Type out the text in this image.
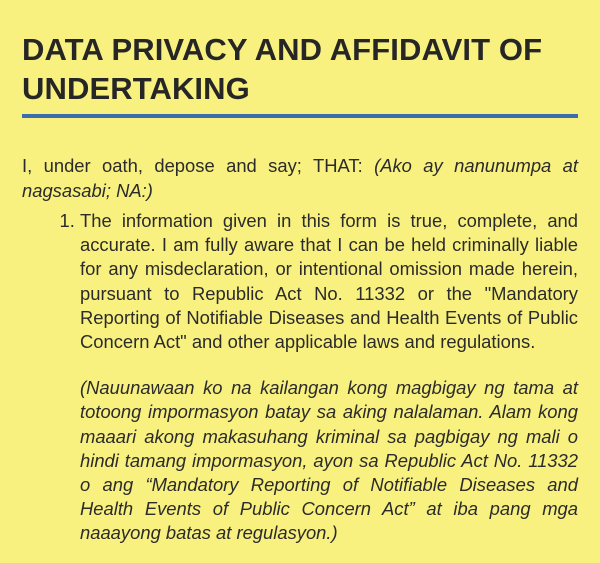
DATA PRIVACY AND AFFIDAVIT OF UNDERTAKING

I, under oath, depose and say; THAT: (Ako ay nanunumpa at nagsasabi; NA:)

1. The information given in this form is true, complete, and accurate. I am fully aware that I can be held criminally liable for any misdeclaration, or intentional omission made herein, pursuant to Republic Act No. 11332 or the "Mandatory Reporting of Notifiable Diseases and Health Events of Public Concern Act" and other applicable laws and regulations.
(Nauunawaan ko na kailangan kong magbigay ng tama at totoong impormasyon batay sa aking nalalaman. Alam kong maaari akong makasuhang kriminal sa pagbigay ng mali o hindi tamang impormasyon, ayon sa Republic Act No. 11332 o ang “Mandatory Reporting of Notifiable Diseases and Health Events of Public Concern Act” at iba pang mga naaayong batas at regulasyon.)
